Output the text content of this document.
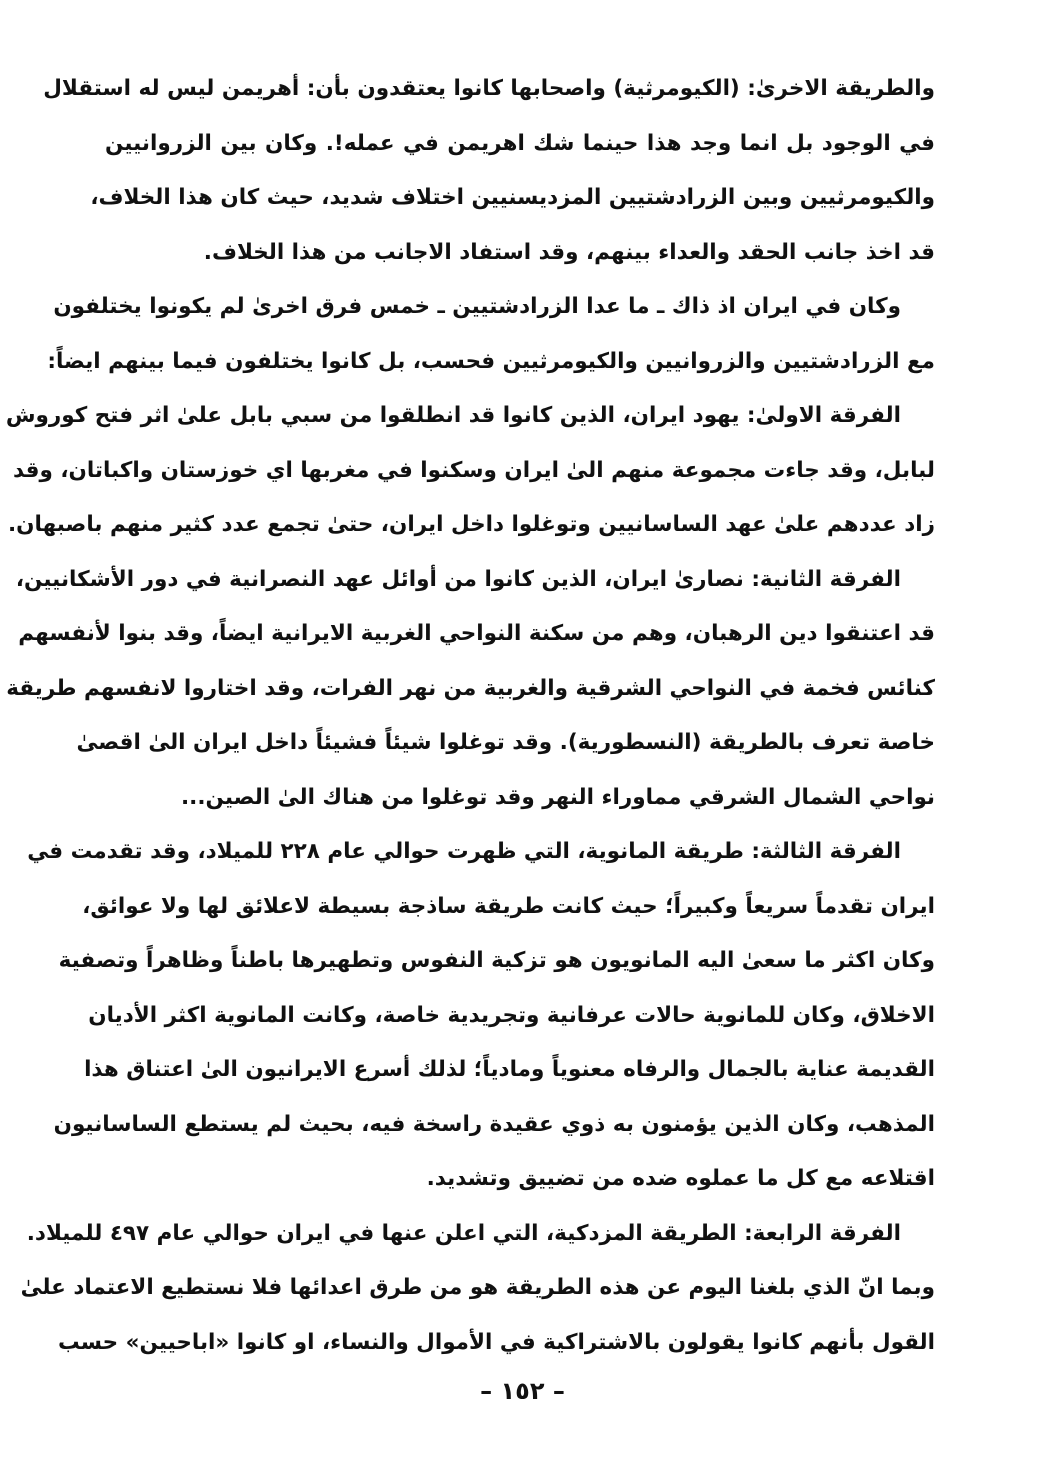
والطريقة الاخرىٰ: (الكيومرثية) واصحابها كانوا يعتقدون بأن: أهريمن ليس له استقلال
في الوجود بل انما وجد هذا حينما شك اهريمن في عمله!. وكان بين الزروانيين
والكيومرثيين وبين الزرادشتيين المزديسنيين اختلاف شديد، حيث كان هذا الخلاف،
قد اخذ جانب الحقد والعداء بينهم، وقد استفاد الاجانب من هذا الخلاف.
وكان في ايران اذ ذاك ـ ما عدا الزرادشتيين ـ خمس فرق اخرىٰ لم يكونوا يختلفون
مع الزرادشتيين والزروانيين والكيومرثيين فحسب، بل كانوا يختلفون فيما بينهم ايضاً:
الفرقة الاولىٰ: يهود ايران، الذين كانوا قد انطلقوا من سبي بابل علىٰ اثر فتح كوروش
لبابل، وقد جاءت مجموعة منهم الىٰ ايران وسكنوا في مغربها اي خوزستان واكباتان، وقد
زاد عددهم علىٰ عهد الساسانيين وتوغلوا داخل ايران، حتىٰ تجمع عدد كثير منهم باصبهان.
الفرقة الثانية: نصارىٰ ايران، الذين كانوا من أوائل عهد النصرانية في دور الأشكانيين،
قد اعتنقوا دين الرهبان، وهم من سكنة النواحي الغربية الايرانية ايضاً، وقد بنوا لأنفسهم
كنائس فخمة في النواحي الشرقية والغربية من نهر الفرات، وقد اختاروا لانفسهم طريقة
خاصة تعرف بالطريقة (النسطورية). وقد توغلوا شيئاً فشيئاً داخل ايران الىٰ اقصىٰ
نواحي الشمال الشرقي مماوراء النهر وقد توغلوا من هناك الىٰ الصين...
الفرقة الثالثة: طريقة المانوية، التي ظهرت حوالي عام ٢٢٨ للميلاد، وقد تقدمت في
ايران تقدماً سريعاً وكبيراً؛ حيث كانت طريقة ساذجة بسيطة لاعلائق لها ولا عوائق،
وكان اكثر ما سعىٰ اليه المانويون هو تزكية النفوس وتطهيرها باطناً وظاهراً وتصفية
الاخلاق، وكان للمانوية حالات عرفانية وتجريدية خاصة، وكانت المانوية اكثر الأديان
القديمة عناية بالجمال والرفاه معنوياً ومادياً؛ لذلك أسرع الايرانيون الىٰ اعتناق هذا
المذهب، وكان الذين يؤمنون به ذوي عقيدة راسخة فيه، بحيث لم يستطع الساسانيون
اقتلاعه مع كل ما عملوه ضده من تضييق وتشديد.
الفرقة الرابعة: الطريقة المزدكية، التي اعلن عنها في ايران حوالي عام ٤٩٧ للميلاد.
وبما انّ الذي بلغنا اليوم عن هذه الطريقة هو من طرق اعدائها فلا نستطيع الاعتماد علىٰ
القول بأنهم كانوا يقولون بالاشتراكية في الأموال والنساء، او كانوا «اباحيين» حسب
– ١٥٢ –
